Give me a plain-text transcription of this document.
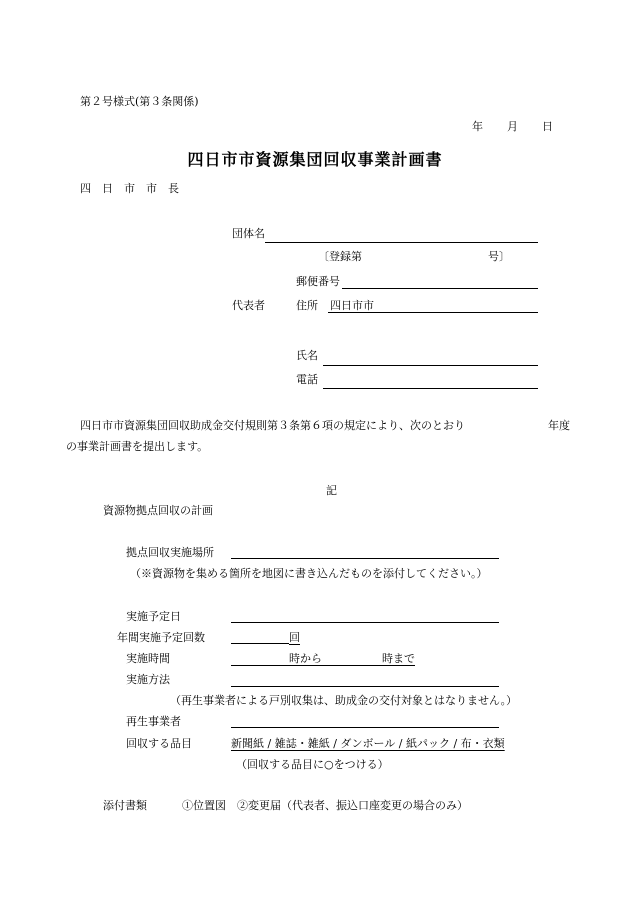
第２号様式(第３条関係)
年 月 日
四日市市資源集団回収事業計画書
四　日　市　市　長
団体名
〔登録第	号〕
郵便番号
代表者	住所 四日市市
氏名
電話
四日市市資源集団回収助成金交付規則第３条第６項の規定により、次のとおり	年度
の事業計画書を提出します。
記
資源物拠点回収の計画
拠点回収実施場所
（※資源物を集める箇所を地図に書き込んだものを添付してください。）
実施予定日
年間実施予定回数	回
実施時間	時から	時まで
実施方法
（再生事業者による戸別収集は、助成金の交付対象とはなりません。）
再生事業者
回収する品目	新聞紙 / 雑誌・雑紙 / ダンボール / 紙パック / 布・衣類
（回収する品目に○をつける）
添付書類	①位置図　②変更届（代表者、振込口座変更の場合のみ）
